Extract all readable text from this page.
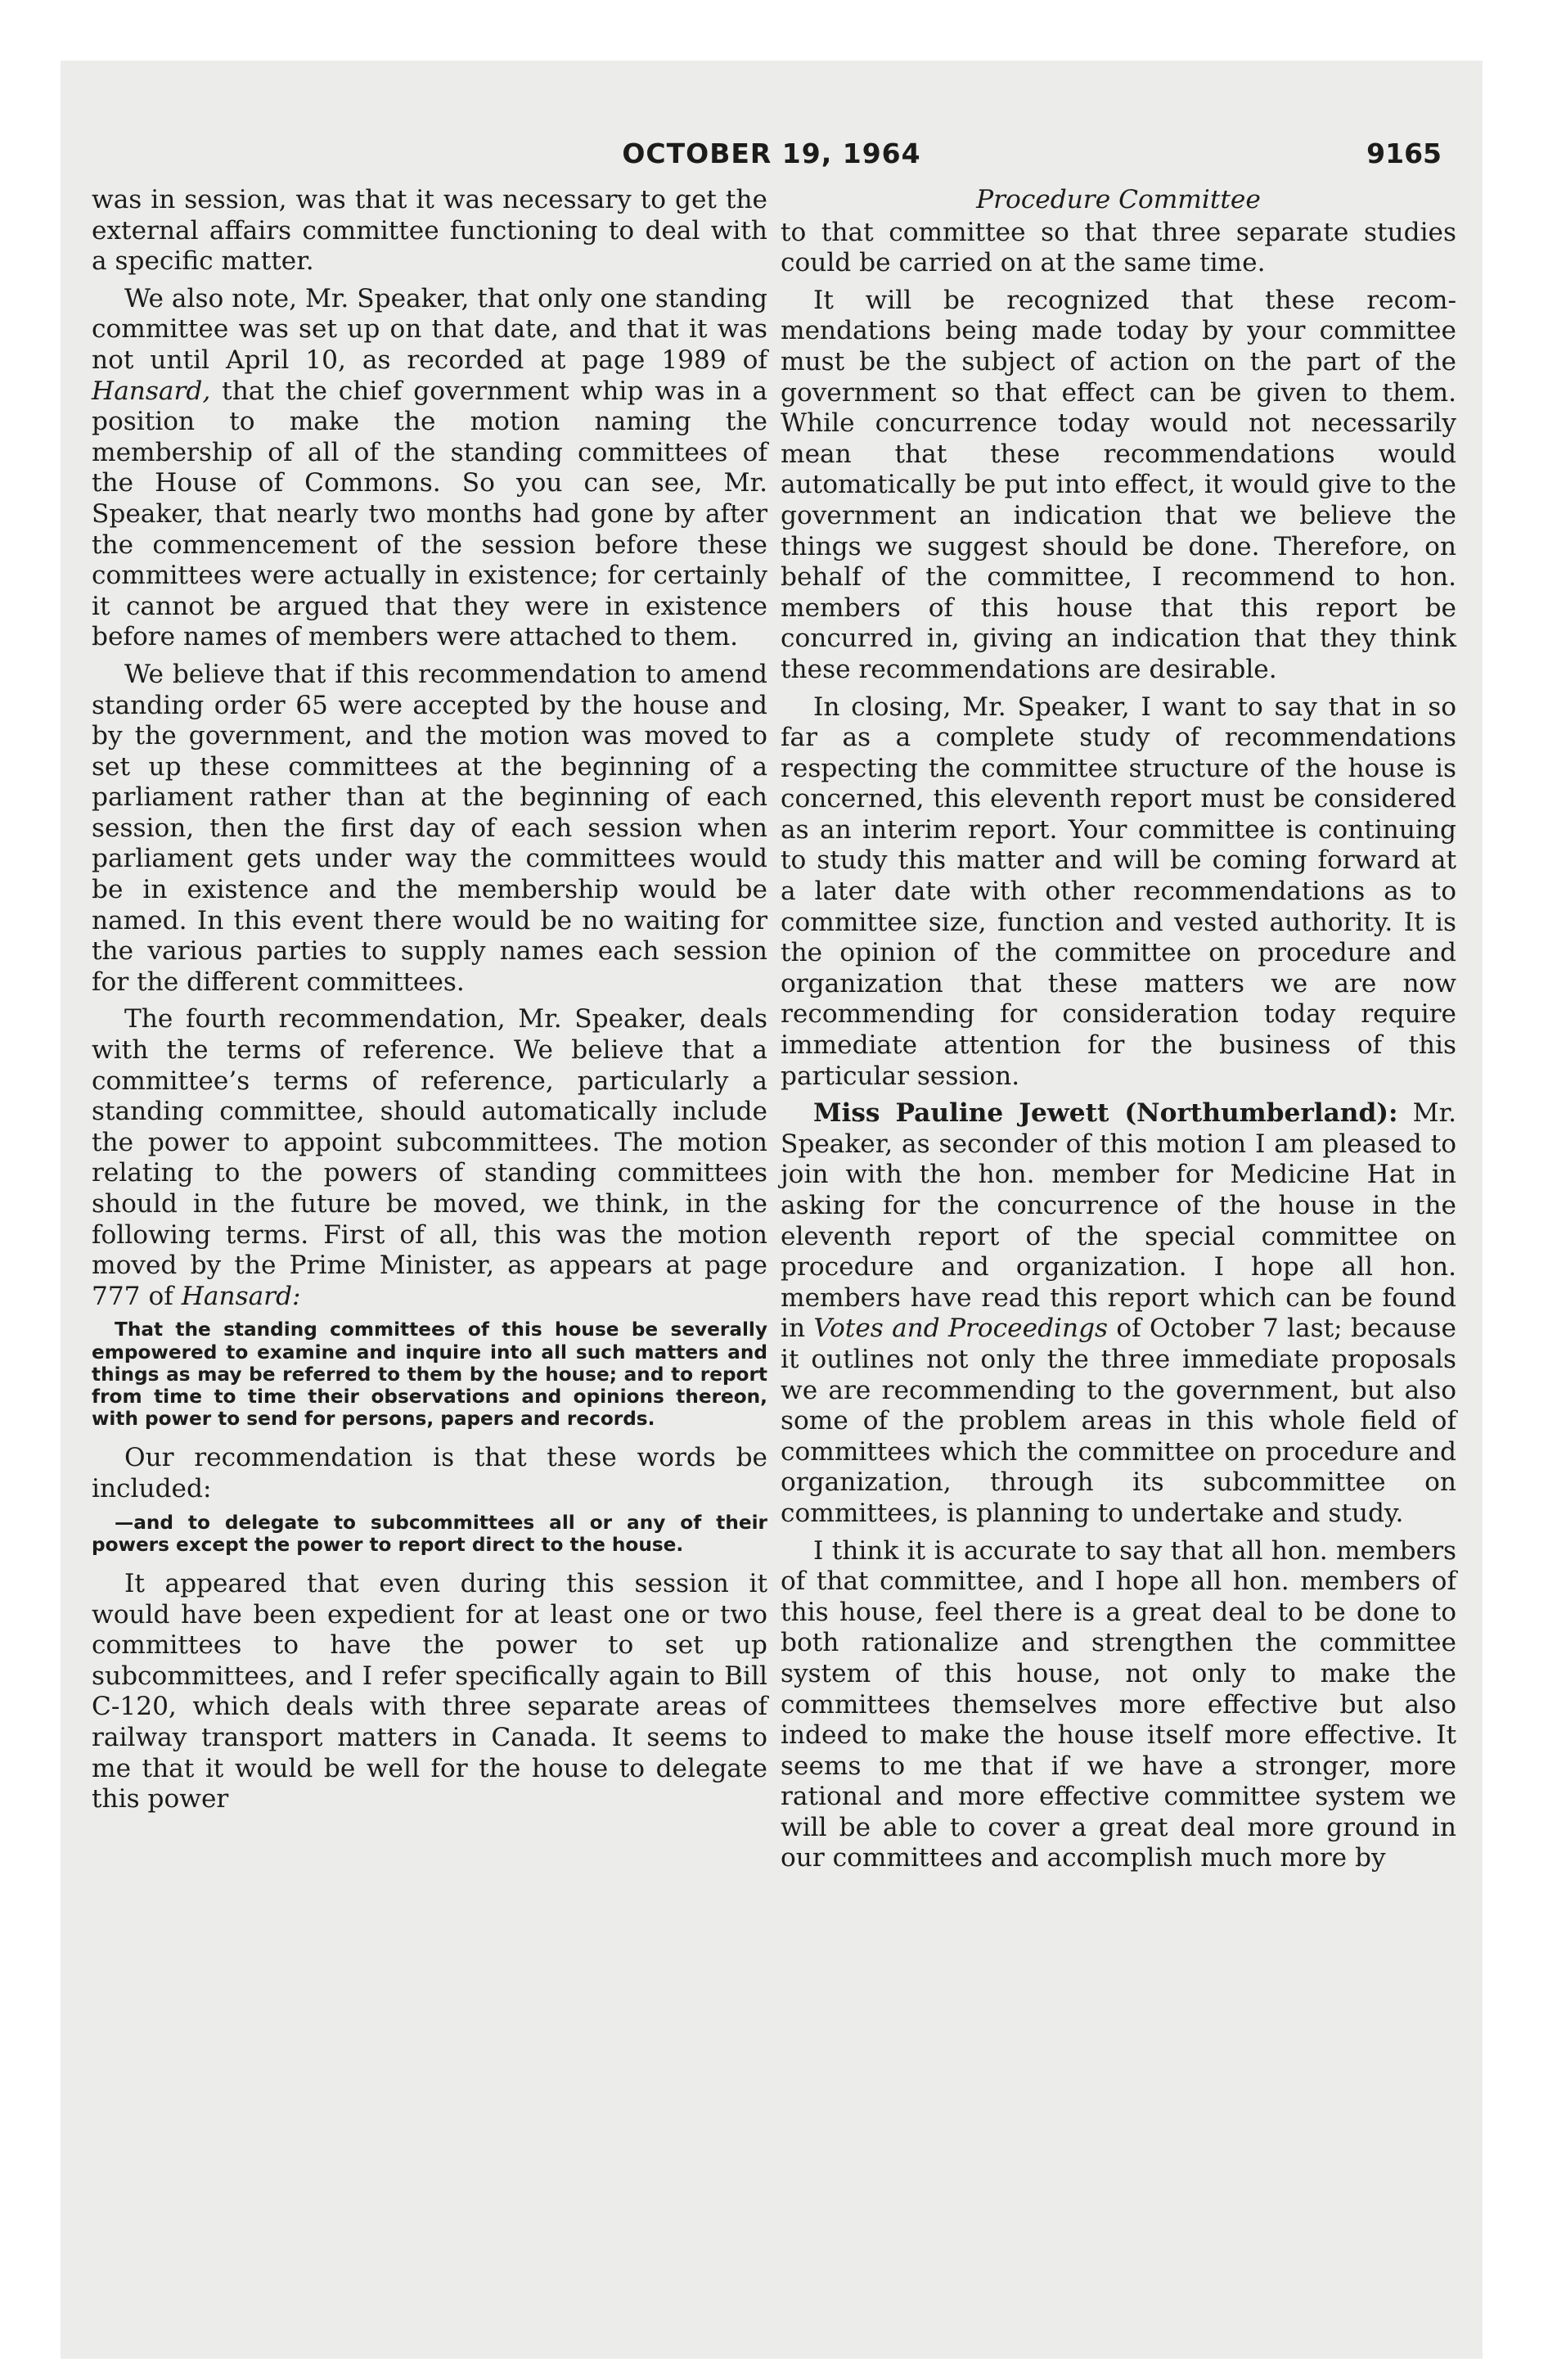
OCTOBER 19, 1964	9165

was in session, was that it was necessary to get the external affairs committee functioning to deal with a specific matter.

We also note, Mr. Speaker, that only one standing committee was set up on that date, and that it was not until April 10, as recorded at page 1989 of Hansard, that the chief government whip was in a position to make the motion naming the membership of all of the standing committees of the House of Commons. So you can see, Mr. Speaker, that nearly two months had gone by after the commencement of the session before these committees were actually in existence; for certainly it cannot be argued that they were in existence before names of members were attached to them.

We believe that if this recommendation to amend standing order 65 were accepted by the house and by the government, and the motion was moved to set up these committees at the beginning of a parliament rather than at the beginning of each session, then the first day of each session when parliament gets under way the committees would be in existence and the membership would be named. In this event there would be no waiting for the various parties to supply names each session for the different committees.

The fourth recommendation, Mr. Speaker, deals with the terms of reference. We believe that a committee’s terms of reference, particularly a standing committee, should automatically include the power to appoint subcommittees. The motion relating to the powers of standing committees should in the future be moved, we think, in the following terms. First of all, this was the motion moved by the Prime Minister, as appears at page 777 of Hansard:

That the standing committees of this house be severally empowered to examine and inquire into all such matters and things as may be referred to them by the house; and to report from time to time their observations and opinions thereon, with power to send for persons, papers and records.

Our recommendation is that these words be included:

—and to delegate to subcommittees all or any of their powers except the power to report direct to the house.

It appeared that even during this session it would have been expedient for at least one or two committees to have the power to set up subcommittees, and I refer specifically again to Bill C-120, which deals with three separate areas of railway transport matters in Canada. It seems to me that it would be well for the house to delegate this power

Procedure Committee

to that committee so that three separate studies could be carried on at the same time.

It will be recognized that these recommendations being made today by your committee must be the subject of action on the part of the government so that effect can be given to them. While concurrence today would not necessarily mean that these recommendations would automatically be put into effect, it would give to the government an indication that we believe the things we suggest should be done. Therefore, on behalf of the committee, I recommend to hon. members of this house that this report be concurred in, giving an indication that they think these recommendations are desirable.

In closing, Mr. Speaker, I want to say that in so far as a complete study of recommendations respecting the committee structure of the house is concerned, this eleventh report must be considered as an interim report. Your committee is continuing to study this matter and will be coming forward at a later date with other recommendations as to committee size, function and vested authority. It is the opinion of the committee on procedure and organization that these matters we are now recommending for consideration today require immediate attention for the business of this particular session.

Miss Pauline Jewett (Northumberland): Mr. Speaker, as seconder of this motion I am pleased to join with the hon. member for Medicine Hat in asking for the concurrence of the house in the eleventh report of the special committee on procedure and organization. I hope all hon. members have read this report which can be found in Votes and Proceedings of October 7 last; because it outlines not only the three immediate proposals we are recommending to the government, but also some of the problem areas in this whole field of committees which the committee on procedure and organization, through its subcommittee on committees, is planning to undertake and study.

I think it is accurate to say that all hon. members of that committee, and I hope all hon. members of this house, feel there is a great deal to be done to both rationalize and strengthen the committee system of this house, not only to make the committees themselves more effective but also indeed to make the house itself more effective. It seems to me that if we have a stronger, more rational and more effective committee system we will be able to cover a great deal more ground in our committees and accomplish much more by
